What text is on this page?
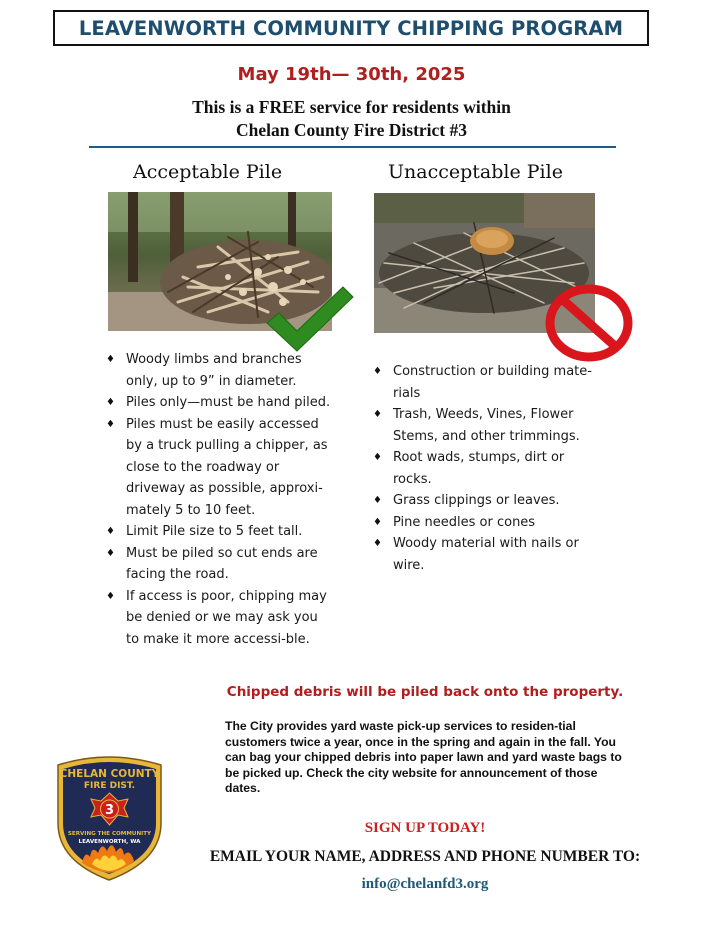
LEAVENWORTH COMMUNITY CHIPPING PROGRAM
May 19th— 30th, 2025
This is a FREE service for residents within
Chelan County Fire District #3
Acceptable Pile	Unacceptable Pile
♦ Woody limbs and branches only, up to 9” in diameter.
♦ Piles only—must be hand piled.
♦ Piles must be easily accessed by a truck pulling a chipper, as close to the roadway or driveway as possible, approxi-mately 5 to 10 feet.
♦ Limit Pile size to 5 feet tall.
♦ Must be piled so cut ends are facing the road.
♦ If access is poor, chipping may be denied or we may ask you to make it more accessi-ble.
♦ Construction or building mate-rials
♦ Trash, Weeds, Vines, Flower Stems, and other trimmings.
♦ Root wads, stumps, dirt or rocks.
♦ Grass clippings or leaves.
♦ Pine needles or cones
♦ Woody material with nails or wire.
Chipped debris will be piled back onto the property.
The City provides yard waste pick-up services to residen-tial customers twice a year, once in the spring and again in the fall. You can bag your chipped debris into paper lawn and yard waste bags to be picked up. Check the city website for announcement of those dates.
CHELAN COUNTY
FIRE DIST.
3
SERVING THE COMMUNITY
LEAVENWORTH, WA
SIGN UP TODAY!
EMAIL YOUR NAME, ADDRESS AND PHONE NUMBER TO:
info@chelanfd3.org
